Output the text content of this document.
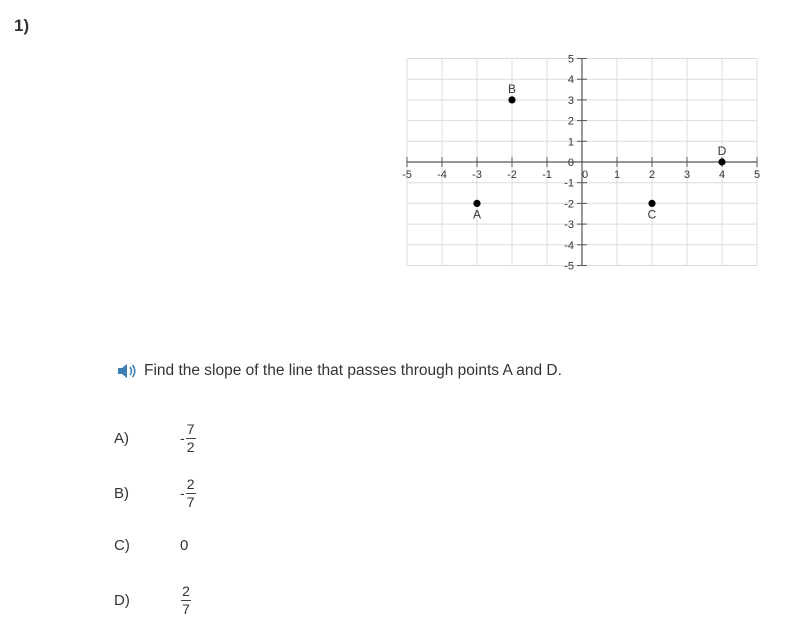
1)
-5 -4 -3 -2 -1	0 1	2	3	4	5
5
4
3
2
1
0
-1
-2
-3
-4
-5
A
B
C
D
Find the slope of the line that passes through points A and D.
A)	- $\frac{7}{2}$
B)	- $\frac{2}{7}$
C)	0
D)	$\frac{2}{7}$
